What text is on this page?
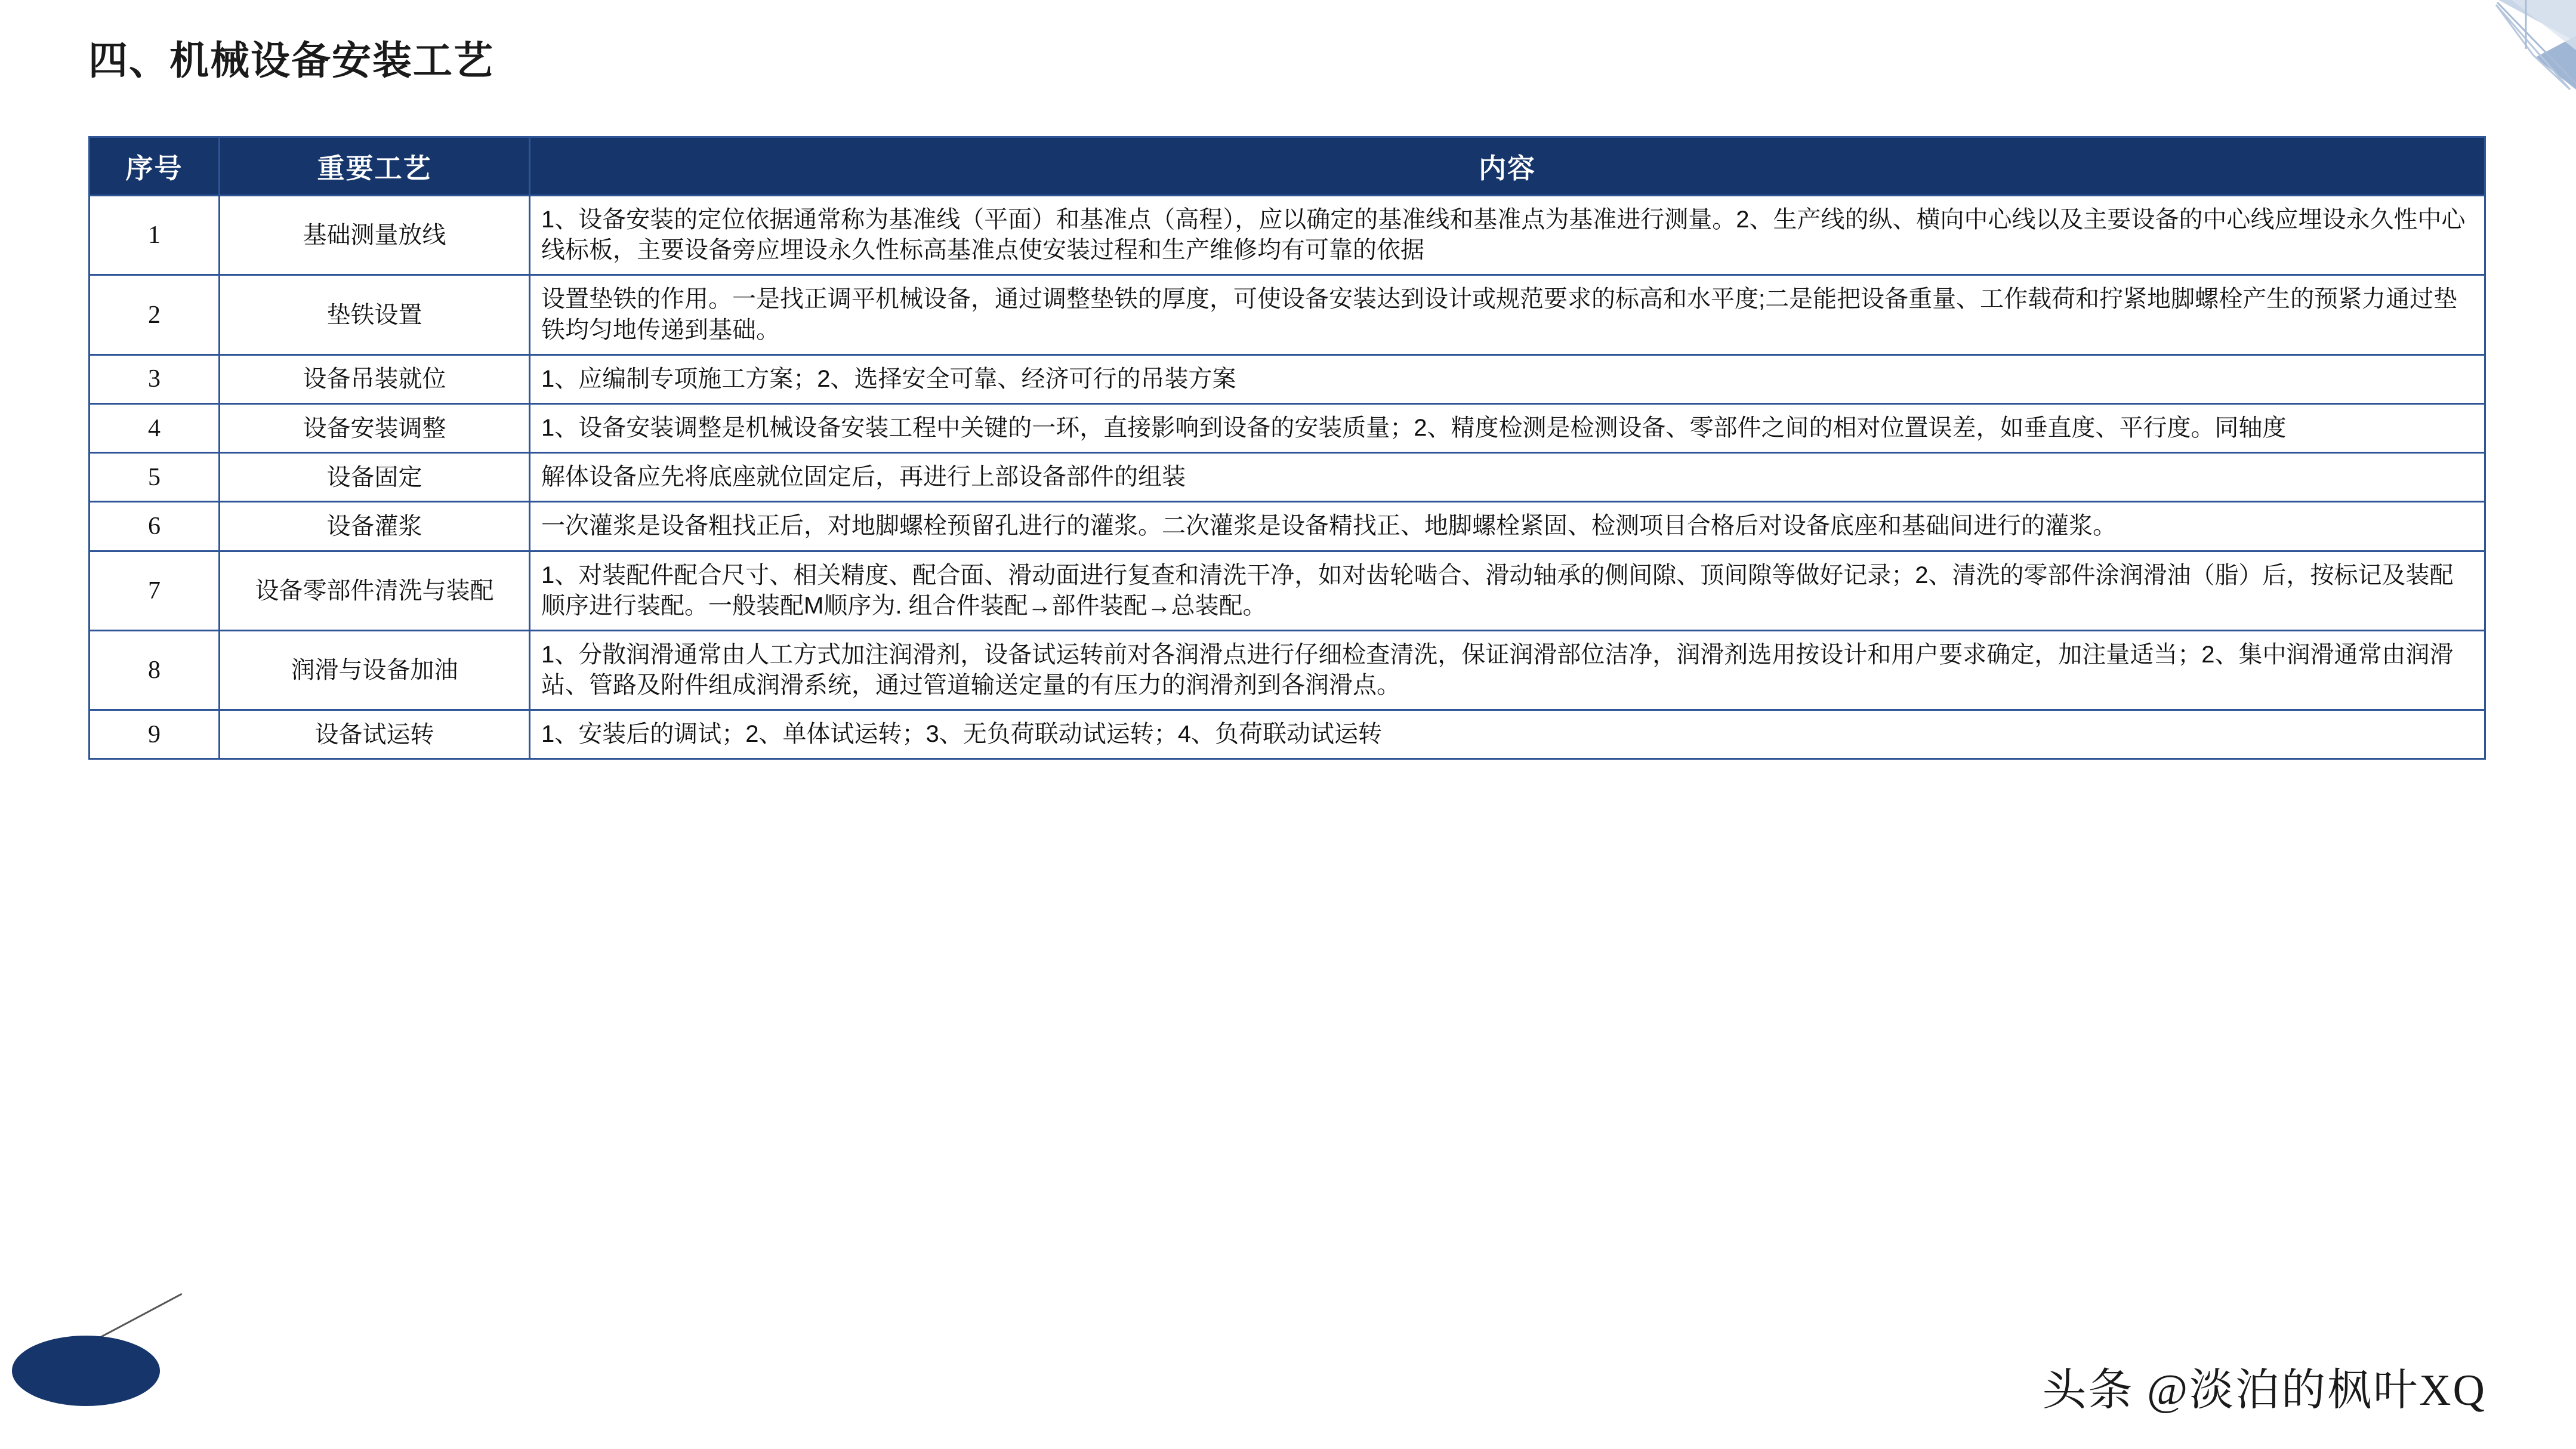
四、机械设备安装工艺
序号	重要工艺	内容
1	基础测量放线	1、设备安装的定位依据通常称为基准线（平面）和基准点（高程），应以确定的基准线和基准点为基准进行测量。2、生产线的纵、横向中心线以及主要设备的中心线应埋设永久性中心线标板，主要设备旁应埋设永久性标高基准点使安装过程和生产维修均有可靠的依据
2	垫铁设置	设置垫铁的作用。一是找正调平机械设备，通过调整垫铁的厚度，可使设备安装达到设计或规范要求的标高和水平度;二是能把设备重量、工作载荷和拧紧地脚螺栓产生的预紧力通过垫铁均匀地传递到基础。
3	设备吊装就位	1、应编制专项施工方案；2、选择安全可靠、经济可行的吊装方案
4	设备安装调整	1、设备安装调整是机械设备安装工程中关键的一环，直接影响到设备的安装质量；2、精度检测是检测设备、零部件之间的相对位置误差，如垂直度、平行度。同轴度
5	设备固定	解体设备应先将底座就位固定后，再进行上部设备部件的组装
6	设备灌浆	一次灌浆是设备粗找正后，对地脚螺栓预留孔进行的灌浆。二次灌浆是设备精找正、地脚螺栓紧固、检测项目合格后对设备底座和基础间进行的灌浆。
7	设备零部件清洗与装配	1、对装配件配合尺寸、相关精度、配合面、滑动面进行复查和清洗干净，如对齿轮啮合、滑动轴承的侧间隙、顶间隙等做好记录；2、清洗的零部件涂润滑油（脂）后，按标记及装配顺序进行装配。一般装配M顺序为. 组合件装配→部件装配→总装配。
8	润滑与设备加油	1、分散润滑通常由人工方式加注润滑剂，设备试运转前对各润滑点进行仔细检查清洗，保证润滑部位洁净，润滑剂选用按设计和用户要求确定，加注量适当；2、集中润滑通常由润滑站、管路及附件组成润滑系统，通过管道输送定量的有压力的润滑剂到各润滑点。
9	设备试运转	1、安装后的调试；2、单体试运转；3、无负荷联动试运转；4、负荷联动试运转
头条 @淡泊的枫叶XQ
